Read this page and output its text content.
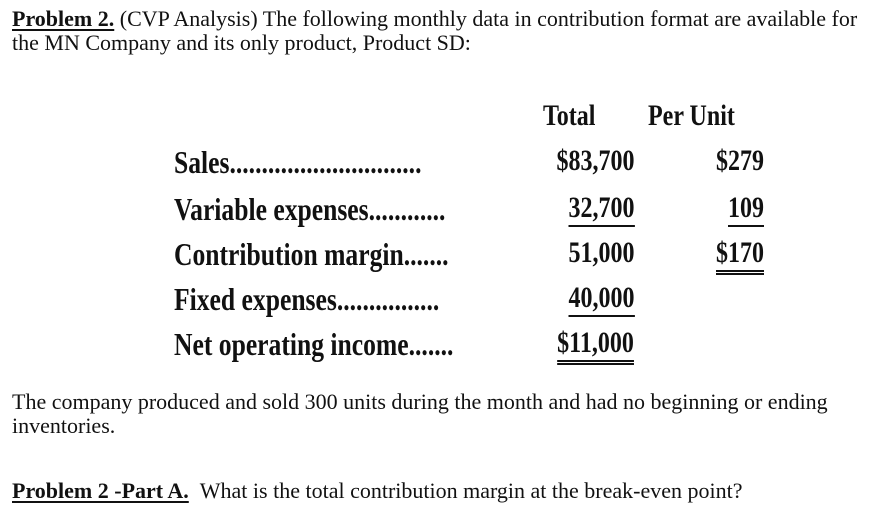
Problem 2. (CVP Analysis) The following monthly data in contribution format are available for the MN Company and its only product, Product SD:
Total Per Unit
Sales..............................	$83,700	$279
Variable expenses............	32,700	109
Contribution margin.......	51,000	$170
Fixed expenses................	40,000
Net operating income.......	$11,000
The company produced and sold 300 units during the month and had no beginning or ending inventories.
Problem 2 -Part A. What is the total contribution margin at the break-even point?
